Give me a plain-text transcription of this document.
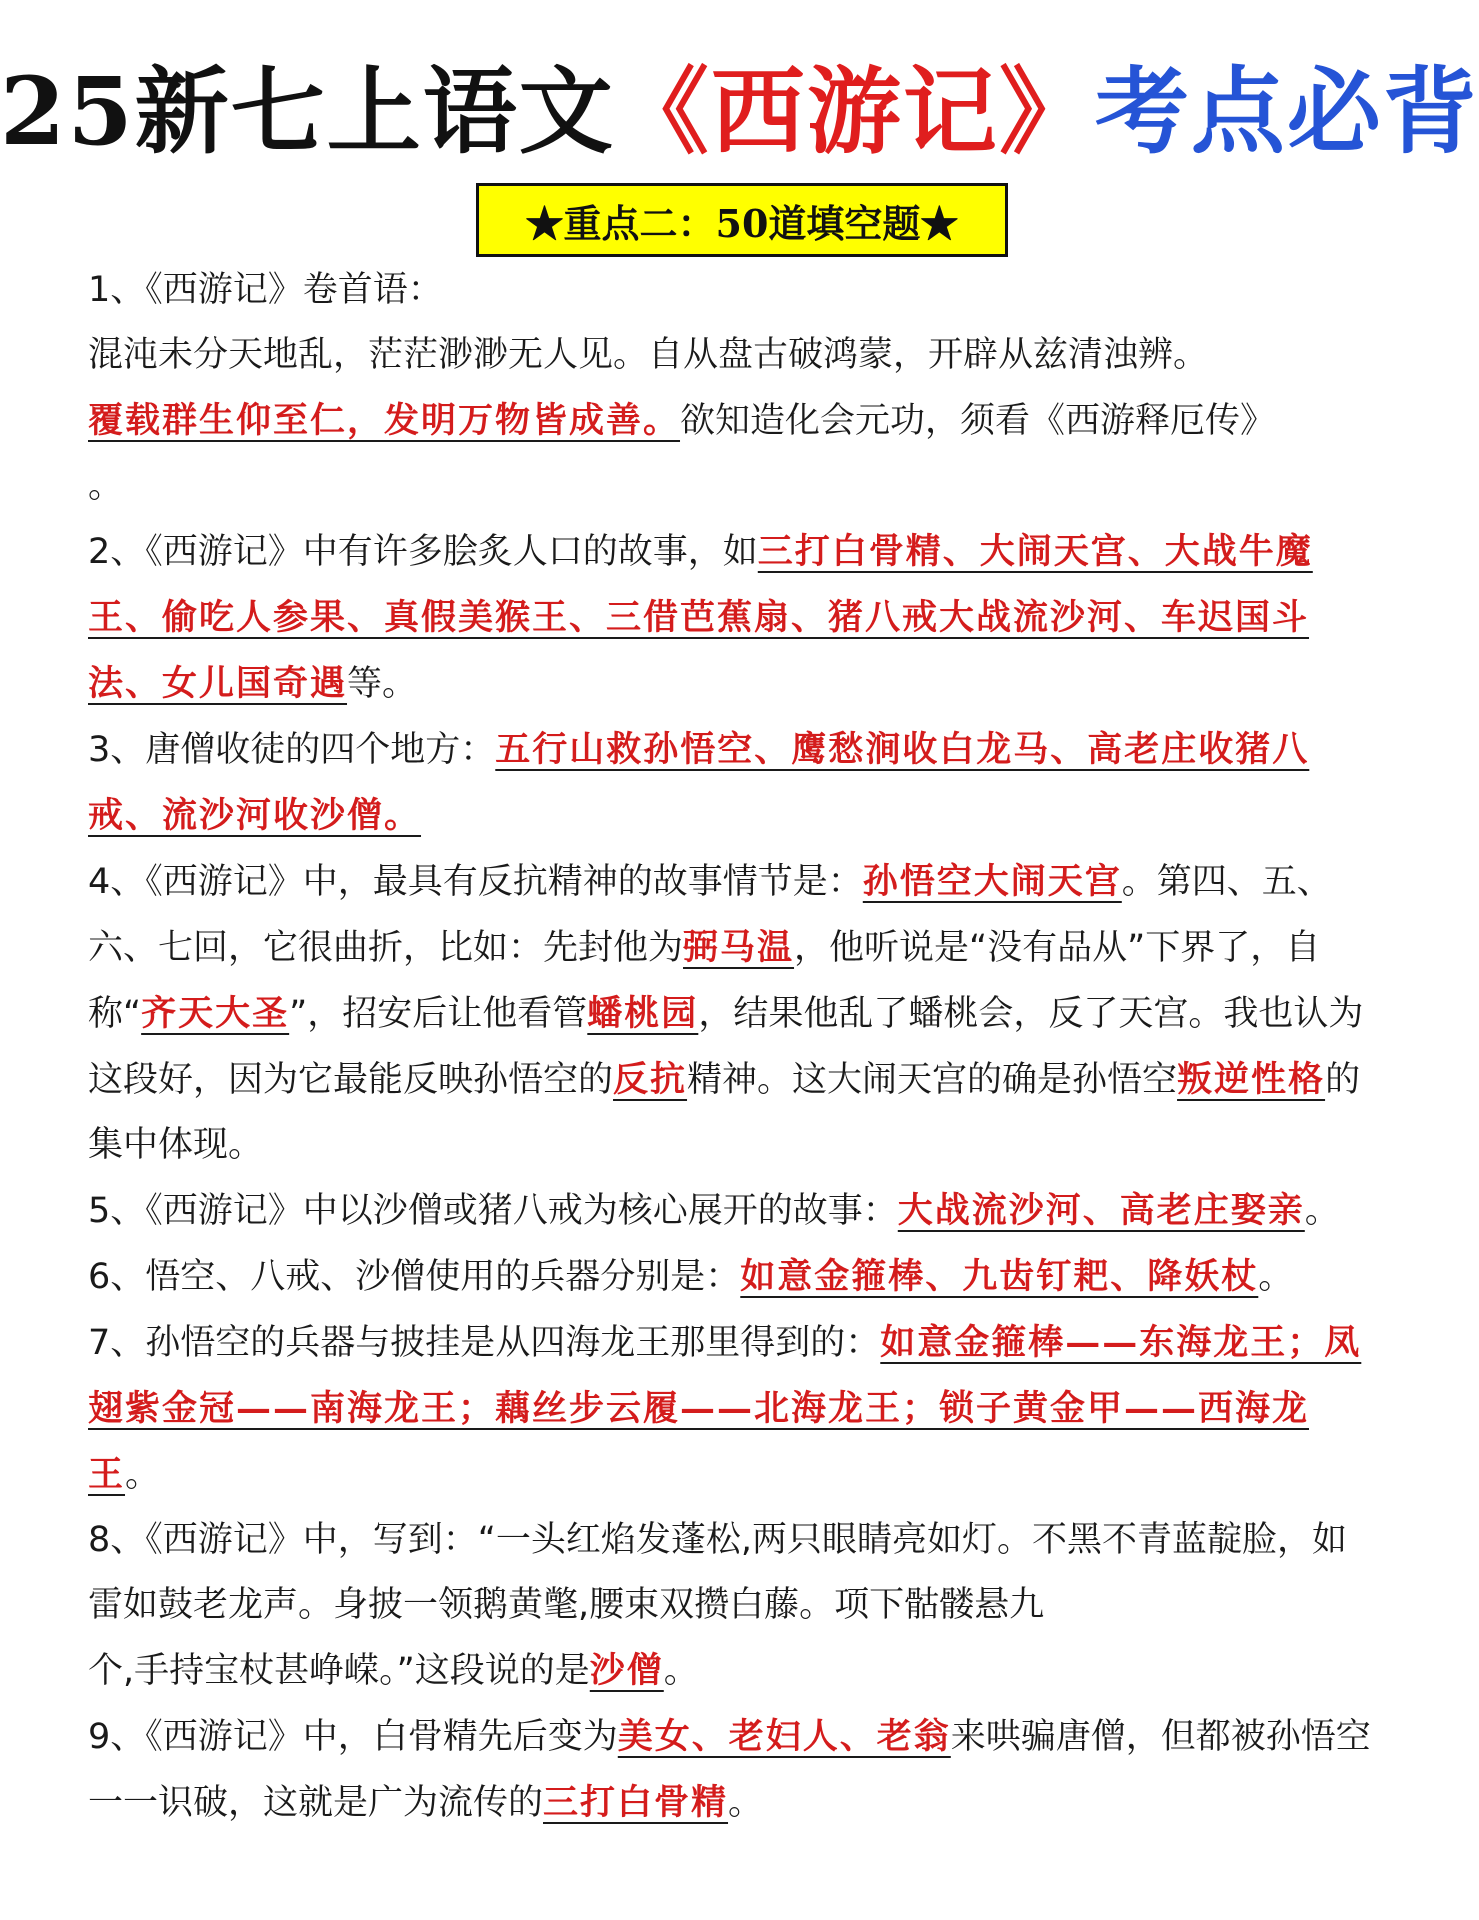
25新七上语文《西游记》考点必背
★重点二：50道填空题★
1、《西游记》卷首语：
混沌未分天地乱，茫茫渺渺无人见。自从盘古破鸿蒙，开辟从兹清浊辨。
覆载群生仰至仁，发明万物皆成善。欲知造化会元功，须看《西游释厄传》
。
2、《西游记》中有许多脍炙人口的故事，如三打白骨精、大闹天宫、大战牛魔王、偷吃人参果、真假美猴王、三借芭蕉扇、猪八戒大战流沙河、车迟国斗法、女儿国奇遇等。
3、唐僧收徒的四个地方：五行山救孙悟空、鹰愁涧收白龙马、高老庄收猪八戒、流沙河收沙僧。
4、《西游记》中，最具有反抗精神的故事情节是：孙悟空大闹天宫。第四、五、六、七回，它很曲折，比如：先封他为弼马温，他听说是“没有品从”下界了，自称“齐天大圣”，招安后让他看管蟠桃园，结果他乱了蟠桃会，反了天宫。我也认为这段好，因为它最能反映孙悟空的反抗精神。这大闹天宫的确是孙悟空叛逆性格的集中体现。
5、《西游记》中以沙僧或猪八戒为核心展开的故事：大战流沙河、高老庄娶亲。
6、悟空、八戒、沙僧使用的兵器分别是：如意金箍棒、九齿钉耙、降妖杖。
7、孙悟空的兵器与披挂是从四海龙王那里得到的：如意金箍棒——东海龙王；凤翅紫金冠——南海龙王；藕丝步云履——北海龙王；锁子黄金甲——西海龙王。
8、《西游记》中，写到：“一头红焰发蓬松,两只眼睛亮如灯。不黑不青蓝靛脸，如雷如鼓老龙声。身披一领鹅黄氅,腰束双攒白藤。项下骷髅悬九
个,手持宝杖甚峥嵘。”这段说的是沙僧。
9、《西游记》中，白骨精先后变为美女、老妇人、老翁来哄骗唐僧，但都被孙悟空一一识破，这就是广为流传的三打白骨精。
